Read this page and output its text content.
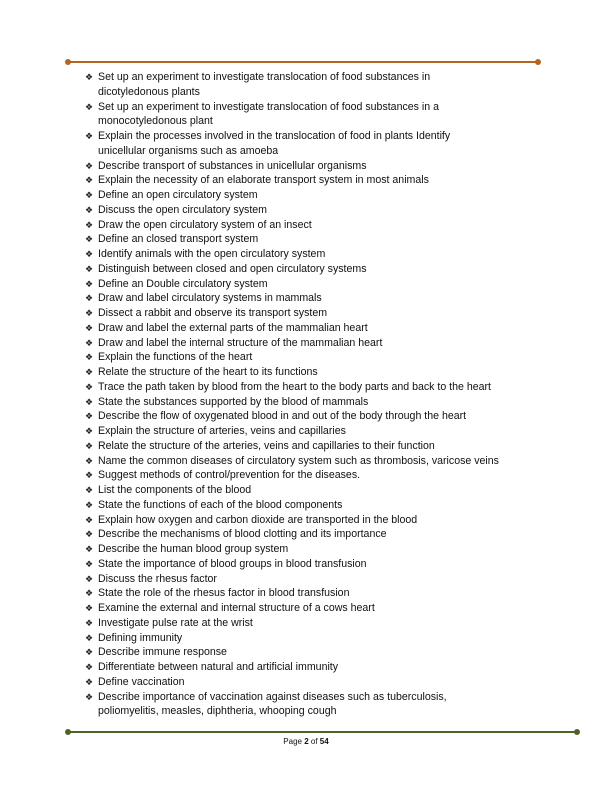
❖ Set up an experiment to investigate translocation of food substances in
dicotyledonous plants
❖ Set up an experiment to investigate translocation of food substances in a
monocotyledonous plant
❖ Explain the processes involved in the translocation of food in plants Identify
unicellular organisms such as amoeba
❖ Describe transport of substances in unicellular organisms
❖ Explain the necessity of an elaborate transport system in most animals
❖ Define an open circulatory system
❖ Discuss the open circulatory system
❖ Draw the open circulatory system of an insect
❖ Define an closed transport system
❖ Identify animals with the open circulatory system
❖ Distinguish between closed and open circulatory systems
❖ Define an Double circulatory system
❖ Draw and label circulatory systems in mammals
❖ Dissect a rabbit and observe its transport system
❖ Draw and label the external parts of the mammalian heart
❖ Draw and label the internal structure of the mammalian heart
❖ Explain the functions of the heart
❖ Relate the structure of the heart to its functions
❖ Trace the path taken by blood from the heart to the body parts and back to the heart
❖ State the substances supported by the blood of mammals
❖ Describe the flow of oxygenated blood in and out of the body through the heart
❖ Explain the structure of arteries, veins and capillaries
❖ Relate the structure of the arteries, veins and capillaries to their function
❖ Name the common diseases of circulatory system such as thrombosis, varicose veins
❖ Suggest methods of control/prevention for the diseases.
❖ List the components of the blood
❖ State the functions of each of the blood components
❖ Explain how oxygen and carbon dioxide are transported in the blood
❖ Describe the mechanisms of blood clotting and its importance
❖ Describe the human blood group system
❖ State the importance of blood groups in blood transfusion
❖ Discuss the rhesus factor
❖ State the role of the rhesus factor in blood transfusion
❖ Examine the external and internal structure of a cows heart
❖ Investigate pulse rate at the wrist
❖ Defining immunity
❖ Describe immune response
❖ Differentiate between natural and artificial immunity
❖ Define vaccination
❖ Describe importance of vaccination against diseases such as tuberculosis,
poliomyelitis, measles, diphtheria, whooping cough
Page 2 of 54
